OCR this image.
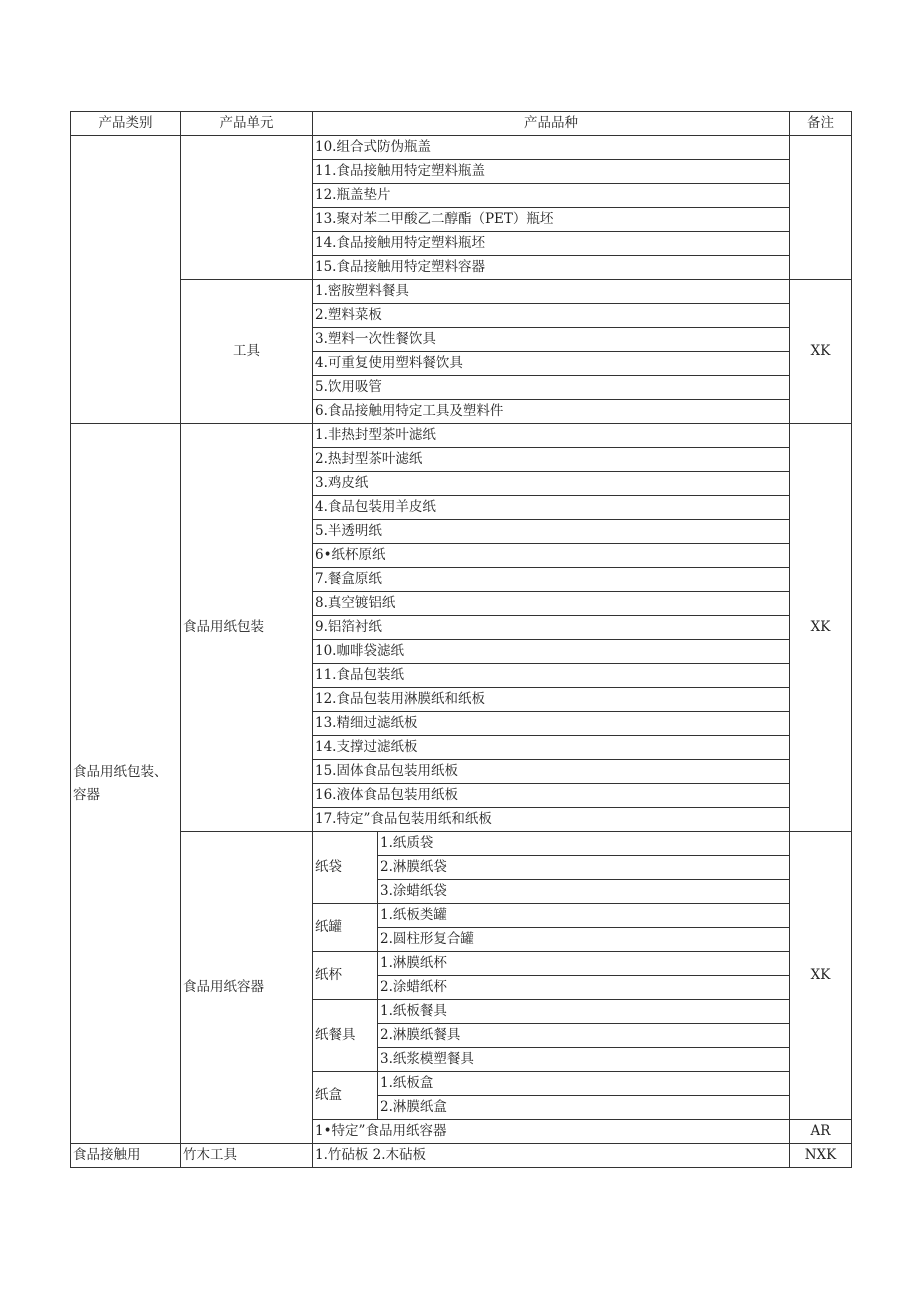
产品类别	产品单元	产品品种		备注
		10.组合式防伪瓶盖		
		11.食品接触用特定塑料瓶盖		
		12.瓶盖垫片		
		13.聚对苯二甲酸乙二醇酯（PET）瓶坯		
		14.食品接触用特定塑料瓶坯		
		15.食品接触用特定塑料容器		
	工具	1.密胺塑料餐具		XK
		2.塑料菜板		
		3.塑料一次性餐饮具		
		4.可重复使用塑料餐饮具		
		5.饮用吸管		
		6.食品接触用特定工具及塑料件		
食品用纸包装、容器	食品用纸包装	1.非热封型茶叶滤纸		XK
		2.热封型茶叶滤纸		
		3.鸡皮纸		
		4.食品包装用羊皮纸		
		5.半透明纸		
		6•纸杯原纸		
		7.餐盒原纸		
		8.真空镀铝纸		
		9.铝箔衬纸		
		10.咖啡袋滤纸		
		11.食品包装纸		
		12.食品包装用淋膜纸和纸板		
		13.精细过滤纸板		
		14.支撑过滤纸板		
		15.固体食品包装用纸板		
		16.液体食品包装用纸板		
		17.特定”食品包装用纸和纸板		
	食品用纸容器	纸袋	1.纸质袋	XK
			2.淋膜纸袋	
			3.涂蜡纸袋	
		纸罐	1.纸板类罐	
			2.圆柱形复合罐	
		纸杯	1.淋膜纸杯	
			2.涂蜡纸杯	
		纸餐具	1.纸板餐具	
			2.淋膜纸餐具	
			3.纸浆模塑餐具	
		纸盒	1.纸板盒	
			2.淋膜纸盒	
		1•特定”食品用纸容器		AR
食品接触用	竹木工具	1.竹砧板 2.木砧板		NXK
